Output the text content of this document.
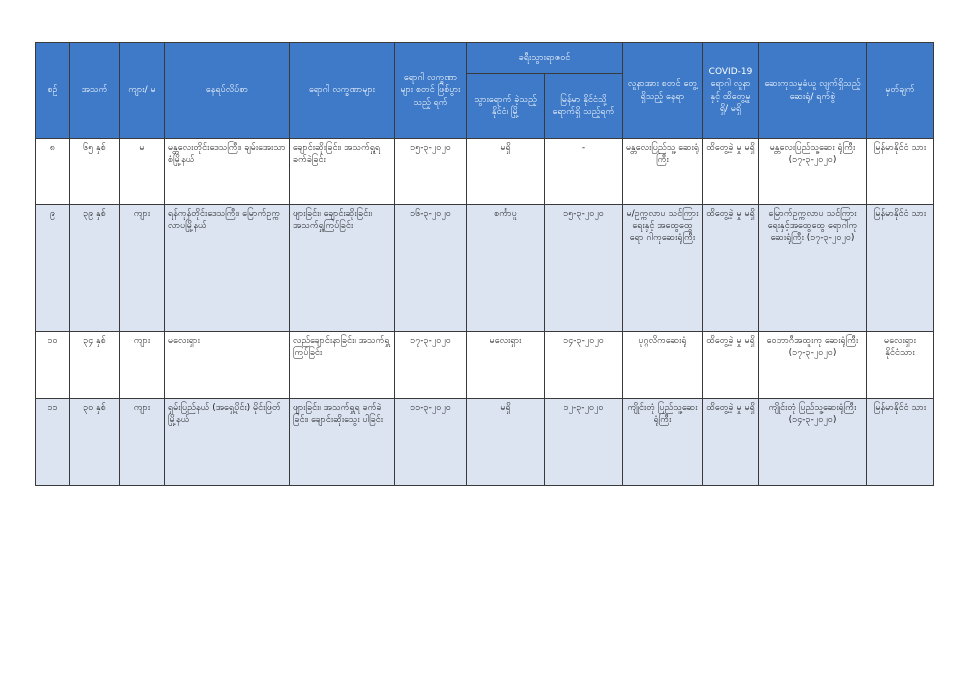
စဉ်	အသက်	ကျား/ မ	နေရပ်လိပ်စာ	ရောဂါ လက္ခဏာများ	ရောဂါ လက္ခဏာများ စတင် ဖြစ်ပွားသည့် ရက်	ခရီးသွားရာဇဝင်		လူနာအား စတင် တွေ့ရှိသည့် နေရာ	COVID-19 ရောဂါ လူနာနှင့် ထိတွေ့မှု ရှိ/ မရှိ	ဆေးကုသမှုခံယူ လျက်ရှိသည့် ဆေးရုံ/ ရက်စွဲ	မှတ်ချက်
						သွားရောက် ခဲ့သည့် နိုင်ငံ၊ မြို့	မြန်မာ နိုင်ငံသို့ ရောက်ရှိ သည့်ရက်				
၈	၆၅ နှစ်	မ	မန္တလေးတိုင်းဒေသကြီး၊ ချမ်းအေးသာစံမြို့နယ်	ချောင်းဆိုးခြင်း၊ အသက်ရှူရ ခက်ခဲခြင်း	၁၅-၃-၂၀၂၀	မရှိ	-	မန္တလေးပြည်သူ့ ဆေးရုံကြီး	ထိတွေ့ခဲ့ မှု မရှိ	မန္တလေးပြည်သူ့ဆေး ရုံကြီး (၁၇-၃-၂၀၂၀)	မြန်မာနိုင်ငံ သား
၉	၃၉ နှစ်	ကျား	ရန်ကုန်တိုင်းဒေသကြီး၊ မြောက်ဥက္ကလာပမြို့နယ်	ဖျားခြင်း၊ ချောင်းဆိုးခြင်း၊ အသက်ရှူကြပ်ခြင်း	၁၆-၃-၂၀၂၀	စင်္ကာပူ	၁၅-၃-၂၀၂၀	မ/ဥက္ကလာပ သင်ကြား ရေးနှင့် အထွေထွေရော ဂါကုဆေးရုံကြီး	ထိတွေ့ခဲ့ မှု မရှိ	မြောက်ဥက္ကလာပ သင်ကြား ရေးနှင့်အထွေထွေ ရောဂါကု ဆေးရုံကြီး (၁၇-၃-၂၀၂၀)	မြန်မာနိုင်ငံ သား
၁၀	၃၄ နှစ်	ကျား	မလေးရှား	လည်ချောင်းနာခြင်း၊ အသက်ရှူကြပ်ခြင်း	၁၇-၃-၂၀၂၀	မလေးရှား	၁၄-၃-၂၀၂၀	ပုဂ္ဂလိကဆေးရုံ	ထိတွေ့ခဲ့ မှု မရှိ	ဝေဘာဂီအထူးကု ဆေးရုံကြီး (၁၇-၃-၂၀၂၀)	မလေးရှား နိုင်ငံသား
၁၁	၃၀ နှစ်	ကျား	ရှမ်းပြည်နယ် (အရှေ့ပိုင်း) မိုင်းဖြတ်မြို့နယ်	ဖျားခြင်း၊ အသက်ရှူရ ခက်ခဲခြင်း၊ ချောင်းဆိုးသွေး ပါခြင်း	၁၁-၃-၂၀၂၀	မရှိ	၁၂-၃-၂၀၂၀	ကျိုင်းတုံ ပြည်သူ့ဆေး ရုံကြီး	ထိတွေ့ခဲ့ မှု မရှိ	ကျိုင်းတုံ ပြည်သူ့ဆေးရုံကြီး (၁၄-၃-၂၀၂၀)	မြန်မာနိုင်ငံ သား
